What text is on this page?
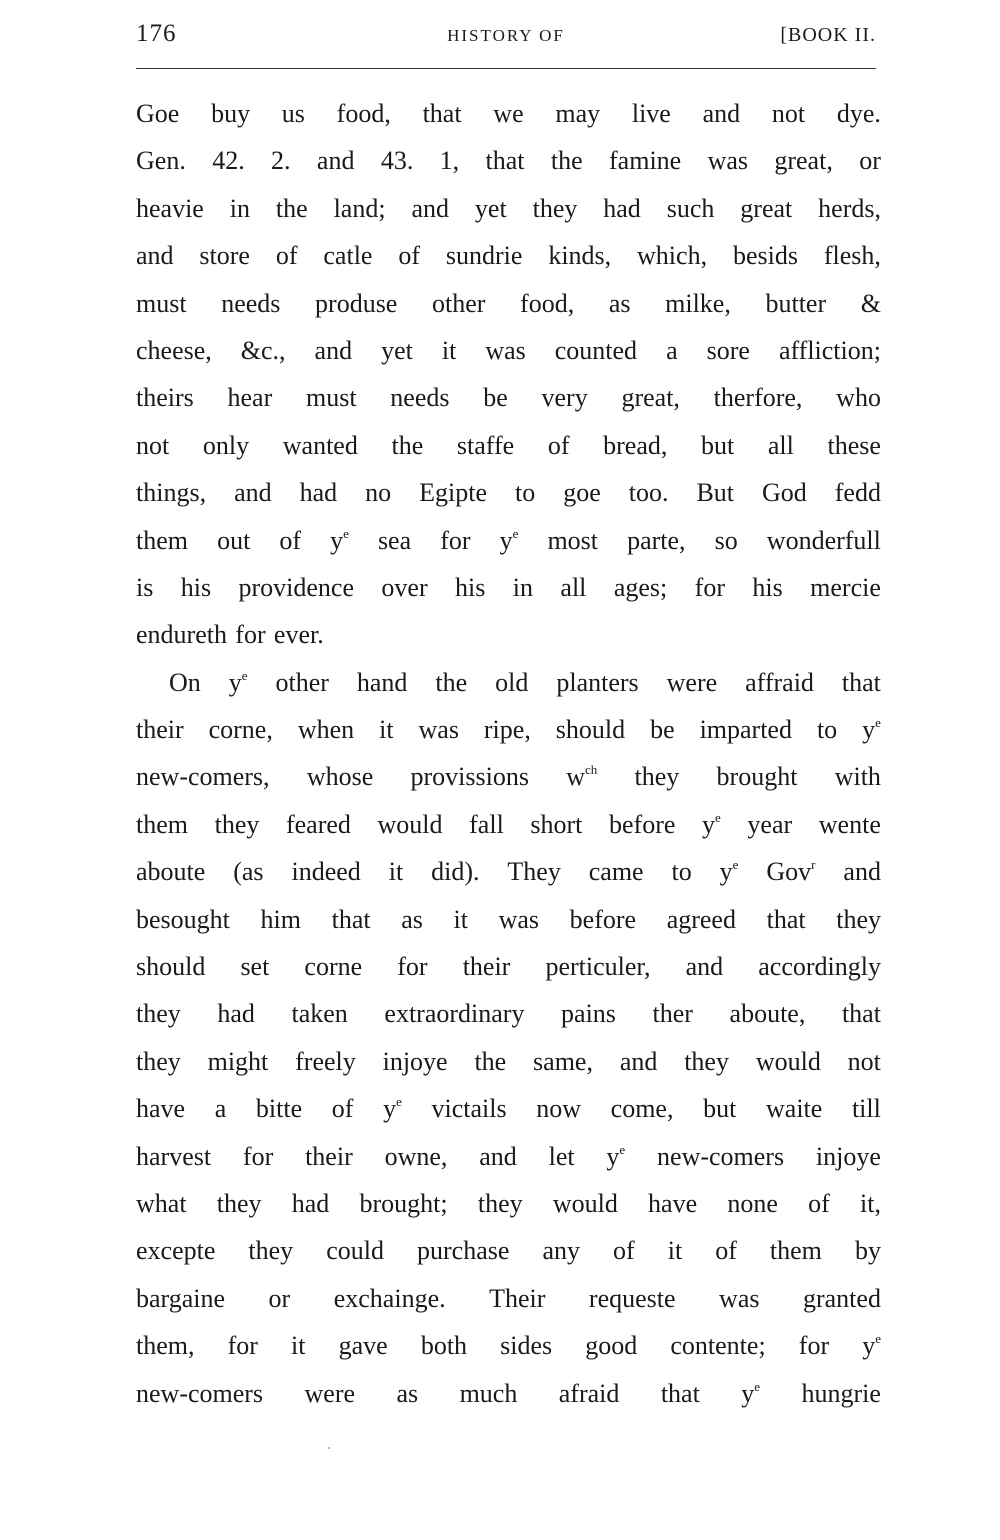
176	HISTORY OF	[BOOK II.
Goe buy us food, that we may live and not dye.
Gen. 42. 2. and 43. 1, that the famine was great, or
heavie in the land; and yet they had such great herds,
and store of catle of sundrie kinds, which, besids flesh,
must needs produse other food, as milke, butter &
cheese, &c., and yet it was counted a sore affliction;
theirs hear must needs be very great, therfore, who
not only wanted the staffe of bread, but all these
things, and had no Egipte to goe too. But God fedd
them out of $y^e$ sea for $y^e$ most parte, so wonderfull
is his providence over his in all ages; for his mercie
endureth for ever.
On $y^e$ other hand the old planters were affraid that
their corne, when it was ripe, should be imparted to $y^e$
new-comers, whose provissions $w^{ch}$ they brought with
them they feared would fall short before $y^e$ year wente
aboute (as indeed it did). They came to $y^e$ Gov$^r$ and
besought him that as it was before agreed that they
should set corne for their perticuler, and accordingly
they had taken extraordinary pains ther aboute, that
they might freely injoye the same, and they would not
have a bitte of $y^e$ victails now come, but waite till
harvest for their owne, and let $y^e$ new-comers injoye
what they had brought; they would have none of it,
excepte they could purchase any of it of them by
bargaine or exchainge. Their requeste was granted
them, for it gave both sides good contente; for $y^e$
new-comers were as much afraid that $y^e$ hungrie
